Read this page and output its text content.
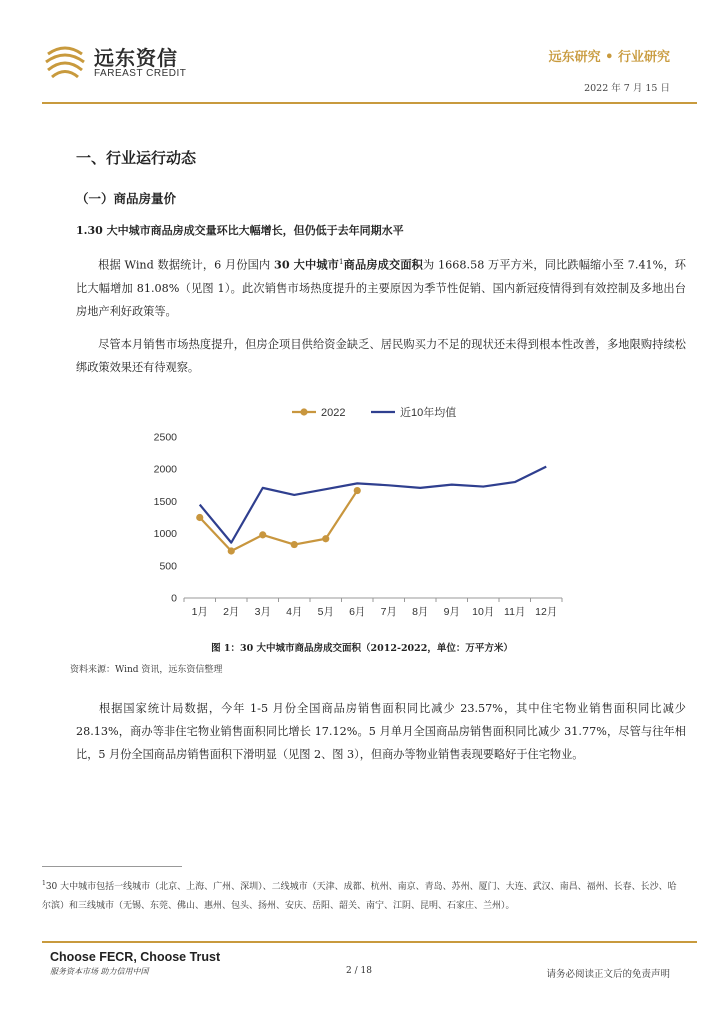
远东资信
FAREAST CREDIT
远东研究 • 行业研究
2022 年 7 月 15 日
一、行业运行动态
（一）商品房量价
1.30 大中城市商品房成交量环比大幅增长，但仍低于去年同期水平
根据 Wind 数据统计，6 月份国内 30 大中城市$^1$商品房成交面积为 1668.58 万平方米，同比跌幅缩小至 7.41%，环比大幅增加 81.08%（见图 1）。此次销售市场热度提升的主要原因为季节性促销、国内新冠疫情得到有效控制及多地出台房地产利好政策等。
尽管本月销售市场热度提升，但房企项目供给资金缺乏、居民购买力不足的现状还未得到根本性改善，多地限购持续松绑政策效果还有待观察。
2022	近10年均值
0
500
1000
1500
2000
2500
1月 2月 3月 4月 5月 6月 7月 8月 9月 10月 11月 12月
图 1：30 大中城市商品房成交面积（2012-2022，单位：万平方米）
资料来源：Wind 资讯，远东资信整理
根据国家统计局数据，今年 1-5 月份全国商品房销售面积同比减少 23.57%，其中住宅物业销售面积同比减少 28.13%，商办等非住宅物业销售面积同比增长 17.12%。5 月单月全国商品房销售面积同比减少 31.77%，尽管与往年相比，5 月份全国商品房销售面积下滑明显（见图 2、图 3），但商办等物业销售表现要略好于住宅物业。
$^1$30 大中城市包括一线城市（北京、上海、广州、深圳）、二线城市（天津、成都、杭州、南京、青岛、苏州、厦门、大连、武汉、南昌、福州、长春、长沙、哈尔滨）和三线城市（无锡、东莞、佛山、惠州、包头、扬州、安庆、岳阳、韶关、南宁、江阴、昆明、石家庄、兰州）。
Choose FECR, Choose Trust
服务资本市场 助力信用中国	2 / 18	请务必阅读正文后的免责声明
